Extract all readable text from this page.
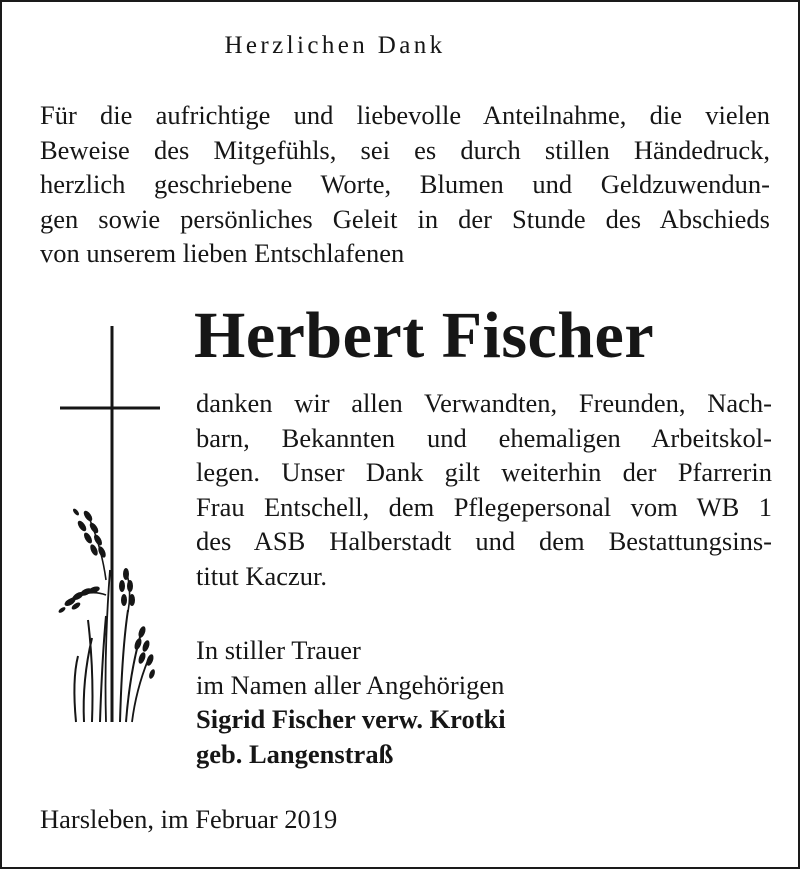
Herzlichen Dank
Für die aufrichtige und liebevolle Anteilnahme, die vielen
Beweise des Mitgefühls, sei es durch stillen Händedruck,
herzlich geschriebene Worte, Blumen und Geldzuwendun-
gen sowie persönliches Geleit in der Stunde des Abschieds
von unserem lieben Entschlafenen
Herbert Fischer
danken wir allen Verwandten, Freunden, Nach-
barn, Bekannten und ehemaligen Arbeitskol-
legen. Unser Dank gilt weiterhin der Pfarrerin
Frau Entschell, dem Pflegepersonal vom WB 1
des ASB Halberstadt und dem Bestattungsins-
titut Kaczur.
In stiller Trauer
im Namen aller Angehörigen
Sigrid Fischer verw. Krotki
geb. Langenstraß
Harsleben, im Februar 2019
